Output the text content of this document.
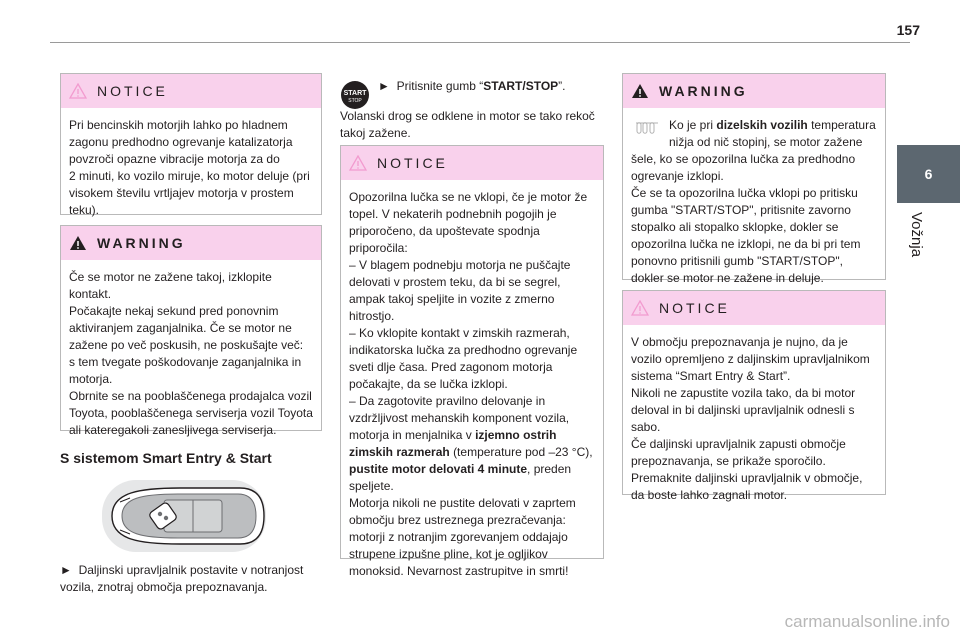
157
6
Vožnja
NOTICE

Pri bencinskih motorjih lahko po hladnem

zagonu predhodno ogrevanje katalizatorja

povzroči opazne vibracije motorja za do

2 minuti, ko vozilo miruje, ko motor deluje (pri

visokem številu vrtljajev motorja v prostem

teku).

WARNING

Če se motor ne zažene takoj, izklopite

kontakt.

Počakajte nekaj sekund pred ponovnim

aktiviranjem zaganjalnika. Če se motor ne

zažene po več poskusih, ne poskušajte več:

s tem tvegate poškodovanje zaganjalnika in

motorja.

Obrnite se na pooblaščenega prodajalca vozil

Toyota, pooblaščenega serviserja vozil Toyota

ali kateregakoli zanesljivega serviserja.

S sistemom Smart Entry & Start
► Daljinski upravljalnik postavite v notranjost
vozila, znotraj območja prepoznavanja.
START
STOP
► Pritisnite gumb “START/STOP”.
Volanski drog se odklene in motor se tako rekoč
takoj zažene.
NOTICE

Opozorilna lučka se ne vklopi, če je motor že

topel. V nekaterih podnebnih pogojih je

priporočeno, da upoštevate spodnja

priporočila:

– V blagem podnebju motorja ne puščajte

delovati v prostem teku, da bi se segrel,

ampak takoj speljite in vozite z zmerno

hitrostjo.

– Ko vklopite kontakt v zimskih razmerah,

indikatorska lučka za predhodno ogrevanje

sveti dlje časa. Pred zagonom motorja

počakajte, da se lučka izklopi.

– Da zagotovite pravilno delovanje in

vzdržljivost mehanskih komponent vozila,

motorja in menjalnika v izjemno ostrih

zimskih razmerah (temperature pod –23 °C),

pustite motor delovati 4 minute, preden

speljete.

Motorja nikoli ne pustite delovati v zaprtem

območju brez ustreznega prezračevanja:

motorji z notranjim zgorevanjem oddajajo

strupene izpušne pline, kot je ogljikov

monoksid. Nevarnost zastrupitve in smrti!

WARNING

Ko je pri dizelskih vozilih temperatura

nižja od nič stopinj, se motor zažene

šele, ko se opozorilna lučka za predhodno

ogrevanje izklopi.

Če se ta opozorilna lučka vklopi po pritisku

gumba "START/STOP", pritisnite zavorno

stopalko ali stopalko sklopke, dokler se

opozorilna lučka ne izklopi, ne da bi pri tem

ponovno pritisnili gumb "START/STOP",

dokler se motor ne zažene in deluje.

NOTICE

V območju prepoznavanja je nujno, da je

vozilo opremljeno z daljinskim upravljalnikom

sistema “Smart Entry & Start”.

Nikoli ne zapustite vozila tako, da bi motor

deloval in bi daljinski upravljalnik odnesli s

sabo.

Če daljinski upravljalnik zapusti območje

prepoznavanja, se prikaže sporočilo.

Premaknite daljinski upravljalnik v območje,

da boste lahko zagnali motor.

carmanualsonline.info
